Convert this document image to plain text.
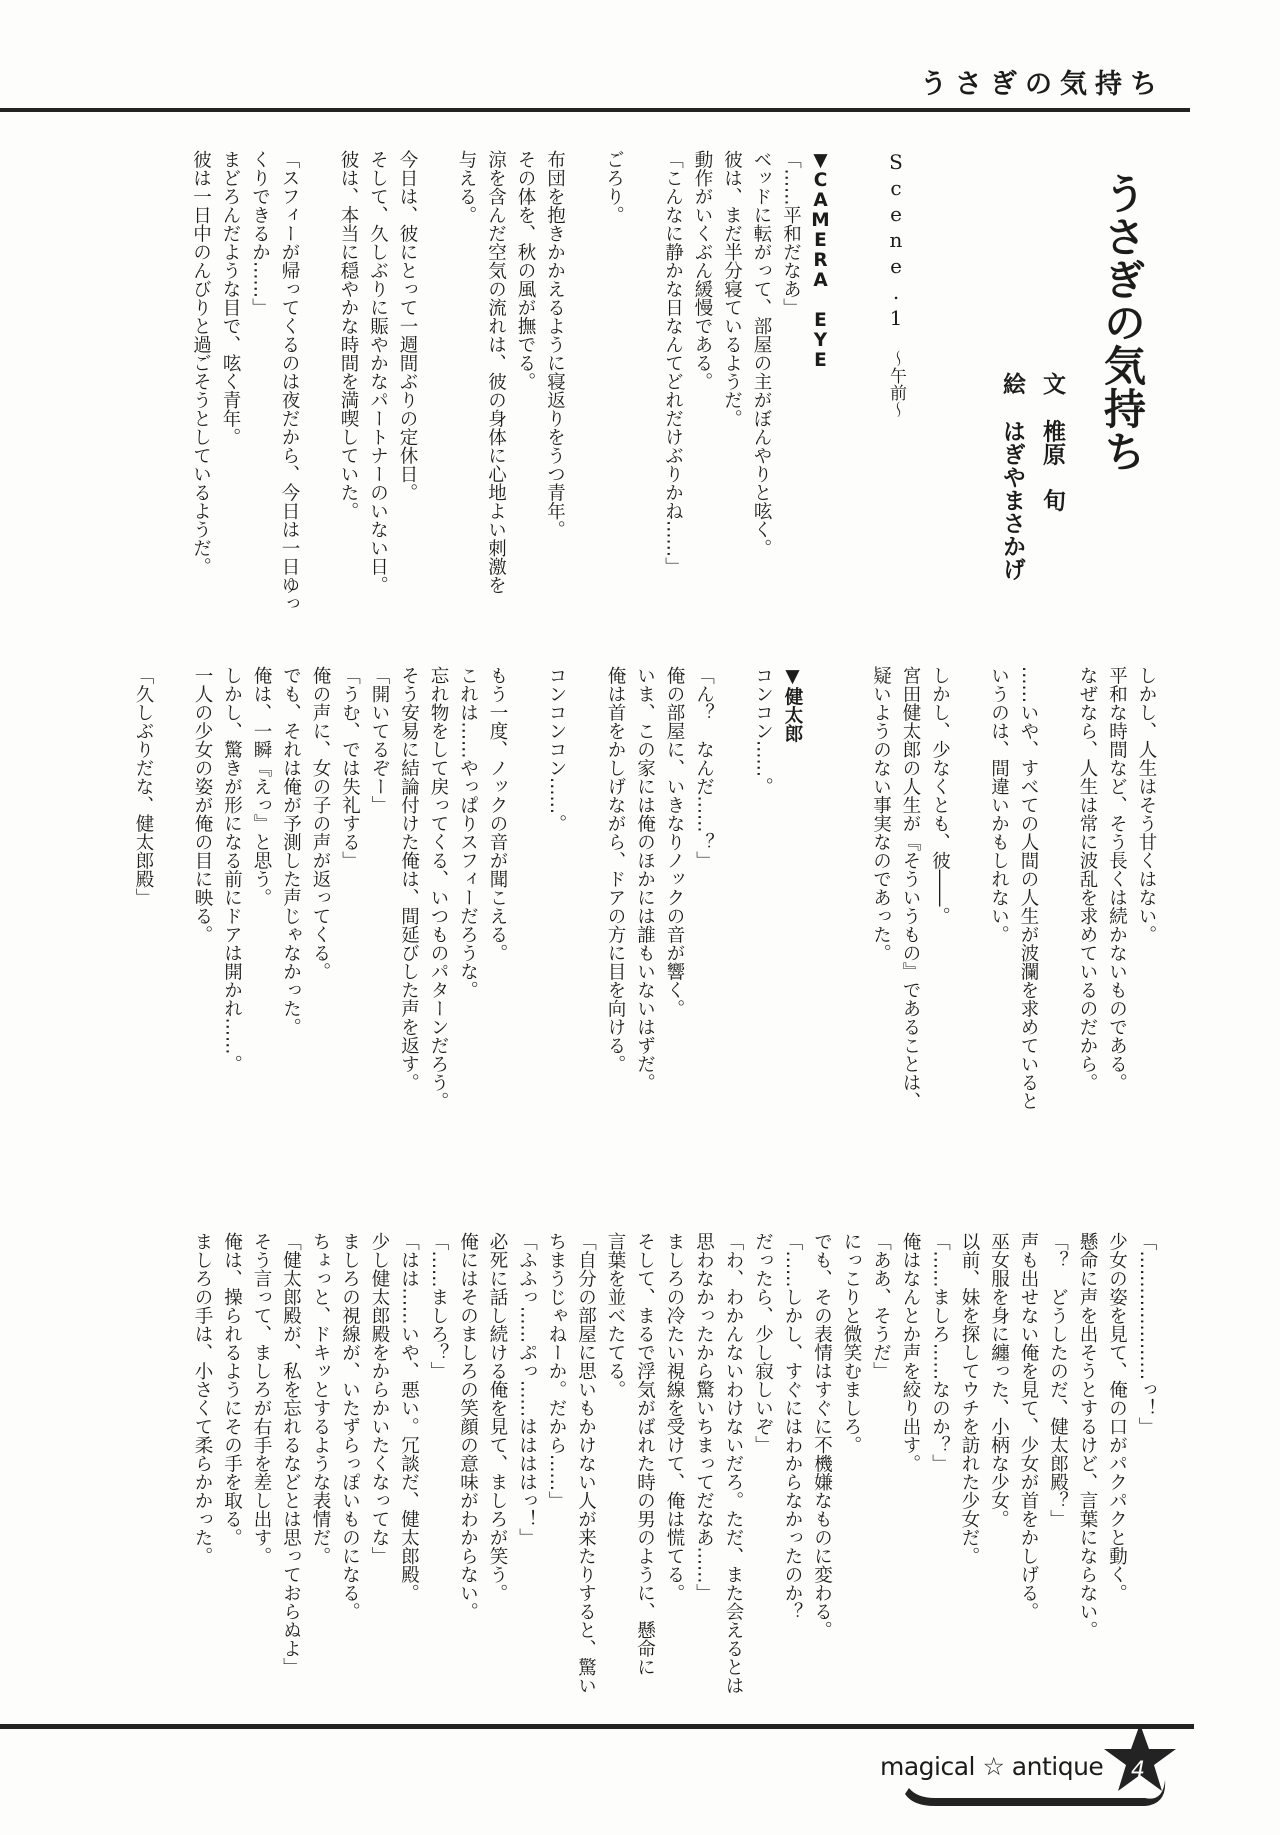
うさぎの気持ち
うさぎの気持ち
文 椎原　旬
絵 はぎやまさかげ
Scene.1～午前～
▼CAMERA EYE
「……平和だなあ」
ベッドに転がって、部屋の主がぼんやりと呟く。
彼は、まだ半分寝ているようだ。
動作がいくぶん緩慢である。
「こんなに静かな日なんてどれだけぶりかね……」
ごろり。
布団を抱きかかえるように寝返りをうつ青年。
その体を、秋の風が撫でる。
涼を含んだ空気の流れは、彼の身体に心地よい刺激を
与える。
今日は、彼にとって一週間ぶりの定休日。
そして、久しぶりに賑やかなパートナーのいない日。
彼は、本当に穏やかな時間を満喫していた。
「スフィーが帰ってくるのは夜だから、今日は一日ゆっ
くりできるか……」
まどろんだような目で、呟く青年。
彼は一日中のんびりと過ごそうとしているようだ。
しかし、人生はそう甘くはない。
平和な時間など、そう長くは続かないものである。
なぜなら、人生は常に波乱を求めているのだから。
……いや、すべての人間の人生が波瀾を求めていると
いうのは、間違いかもしれない。
しかし、少なくとも、彼――。
宮田健太郎の人生が『そういうもの』であることは、
疑いようのない事実なのであった。
▼健太郎
コンコン……。
「ん？　なんだ……？」
俺の部屋に、いきなりノックの音が響く。
いま、この家には俺のほかには誰もいないはずだ。
俺は首をかしげながら、ドアの方に目を向ける。
コンコンコン……。
もう一度、ノックの音が聞こえる。
これは……やっぱりスフィーだろうな。
忘れ物をして戻ってくる、いつものパターンだろう。
そう安易に結論付けた俺は、間延びした声を返す。
「開いてるぞー」
「うむ、では失礼する」
俺の声に、女の子の声が返ってくる。
でも、それは俺が予測した声じゃなかった。
俺は、一瞬『えっ』と思う。
しかし、驚きが形になる前にドアは開かれ……。
一人の少女の姿が俺の目に映る。
「久しぶりだな、健太郎殿」
「…………………っ！」
少女の姿を見て、俺の口がパクパクと動く。
懸命に声を出そうとするけど、言葉にならない。
「？　どうしたのだ、健太郎殿？」
声も出せない俺を見て、少女が首をかしげる。
巫女服を身に纏った、小柄な少女。
以前、妹を探してウチを訪れた少女だ。
「……ましろ……なのか？」
俺はなんとか声を絞り出す。
「ああ、そうだ」
にっこりと微笑むましろ。
でも、その表情はすぐに不機嫌なものに変わる。
「……しかし、すぐにはわからなかったのか？
だったら、少し寂しいぞ」
「わ、わかんないわけないだろ。ただ、また会えるとは
思わなかったから驚いちまってだなあ……」
ましろの冷たい視線を受けて、俺は慌てる。
そして、まるで浮気がばれた時の男のように、懸命に
言葉を並べたてる。
「自分の部屋に思いもかけない人が来たりすると、驚い
ちまうじゃねーか。だから……」
「ふふっ……ぷっ……ははははっ！」
必死に話し続ける俺を見て、ましろが笑う。
俺にはそのましろの笑顔の意味がわからない。
「……ましろ？」
「はは……いや、悪い。冗談だ、健太郎殿。
少し健太郎殿をからかいたくなってな」
ましろの視線が、いたずらっぽいものになる。
ちょっと、ドキッとするような表情だ。
「健太郎殿が、私を忘れるなどとは思っておらぬよ」
そう言って、ましろが右手を差し出す。
俺は、操られるようにその手を取る。
ましろの手は、小さくて柔らかかった。
magical ☆ antique 4
